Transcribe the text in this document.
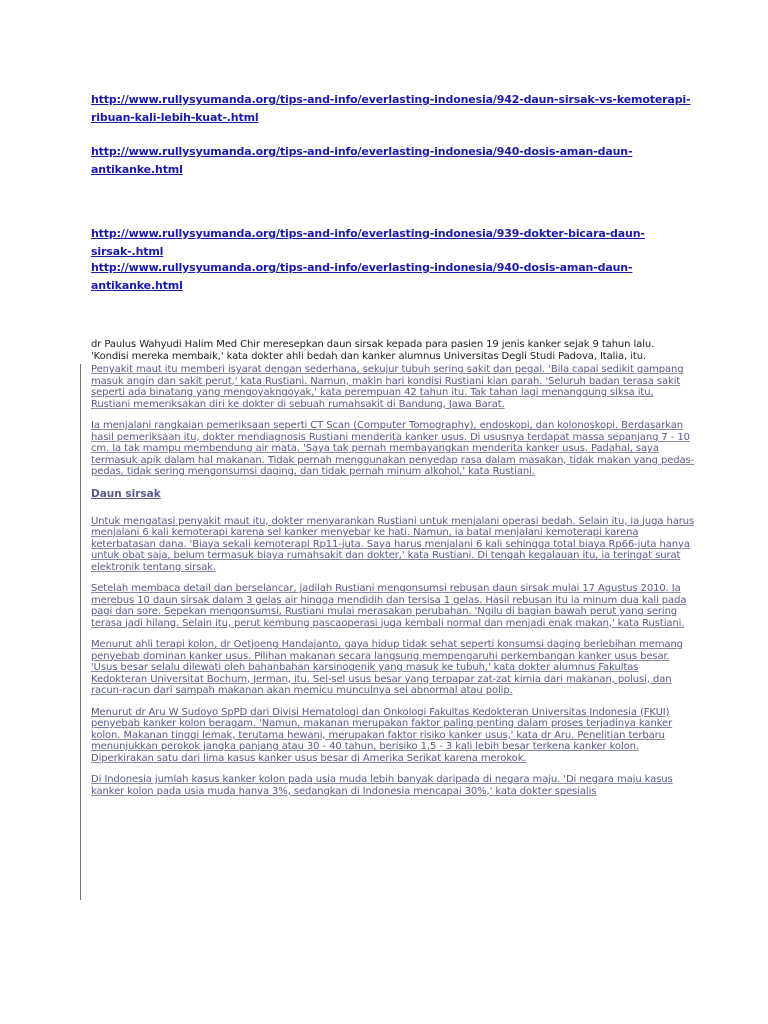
http://www.rullysyumanda.org/tips-and-info/everlasting-indonesia/942-daun-sirsak-vs-kemoterapi-
ribuan-kali-lebih-kuat-.html
http://www.rullysyumanda.org/tips-and-info/everlasting-indonesia/940-dosis-aman-daun-
antikanke.html
http://www.rullysyumanda.org/tips-and-info/everlasting-indonesia/939-dokter-bicara-daun-sirsak-.html
http://www.rullysyumanda.org/tips-and-info/everlasting-indonesia/940-dosis-aman-daun-
antikanke.html
dr Paulus Wahyudi Halim Med Chir meresepkan daun sirsak kepada para pasien 19 jenis kanker sejak 9 tahun lalu. 'Kondisi mereka membaik,' kata dokter ahli bedah dan kanker alumnus Universitas Degli Studi Padova, Italia, itu.

Penyakit maut itu memberi isyarat dengan sederhana, sekujur tubuh sering sakit dan pegal. 'Bila capai sedikit gampang masuk angin dan sakit perut,' kata Rustiani. Namun, makin hari kondisi Rustiani kian parah. 'Seluruh badan terasa sakit seperti ada binatang yang mengoyakngoyak,' kata perempuan 42 tahun itu. Tak tahan lagi menanggung siksa itu, Rustiani memeriksakan diri ke dokter di sebuah rumahsakit di Bandung, Jawa Barat.

Ia menjalani rangkaian pemeriksaan seperti CT Scan (Computer Tomography), endoskopi, dan kolonoskopi. Berdasarkan hasil pemeriksaan itu, dokter mendiagnosis Rustiani menderita kanker usus. Di ususnya terdapat massa sepanjang 7 - 10 cm. Ia tak mampu membendung air mata. 'Saya tak pernah membayangkan menderita kanker usus. Padahal, saya termasuk apik dalam hal makanan. Tidak pernah menggunakan penyedap rasa dalam masakan, tidak makan yang pedas-pedas, tidak sering mengonsumsi daging, dan tidak pernah minum alkohol,' kata Rustiani.

Daun sirsak

Untuk mengatasi penyakit maut itu, dokter menyarankan Rustiani untuk menjalani operasi bedah. Selain itu, ia juga harus menjalani 6 kali kemoterapi karena sel kanker menyebar ke hati. Namun, ia batal menjalani kemoterapi karena keterbatasan dana. 'Biaya sekali kemoterapi Rp11-juta. Saya harus menjalani 6 kali sehingga total biaya Rp66-juta hanya untuk obat saja, belum termasuk biaya rumahsakit dan dokter,' kata Rustiani. Di tengah kegalauan itu, ia teringat surat elektronik tentang sirsak.

Setelah membaca detail dan berselancar, jadilah Rustiani mengonsumsi rebusan daun sirsak mulai 17 Agustus 2010. Ia merebus 10 daun sirsak dalam 3 gelas air hingga mendidih dan tersisa 1 gelas. Hasil rebusan itu ia minum dua kali pada pagi dan sore. Sepekan mengonsumsi, Rustiani mulai merasakan perubahan. 'Ngilu di bagian bawah perut yang sering terasa jadi hilang. Selain itu, perut kembung pascaoperasi juga kembali normal dan menjadi enak makan,' kata Rustiani.

Menurut ahli terapi kolon, dr Oetjoeng Handajanto, gaya hidup tidak sehat seperti konsumsi daging berlebihan memang penyebab dominan kanker usus. Pilihan makanan secara langsung mempengaruhi perkembangan kanker usus besar. 'Usus besar selalu dilewati oleh bahanbahan karsinogenik yang masuk ke tubuh,' kata dokter alumnus Fakultas Kedokteran Universitat Bochum, Jerman, itu. Sel-sel usus besar yang terpapar zat-zat kimia dari makanan, polusi, dan racun-racun dari sampah makanan akan memicu munculnya sel abnormal atau polip.

Menurut dr Aru W Sudoyo SpPD dari Divisi Hematologi dan Onkologi Fakultas Kedokteran Universitas Indonesia (FKUI) penyebab kanker kolon beragam. 'Namun, makanan merupakan faktor paling penting dalam proses terjadinya kanker kolon. Makanan tinggi lemak, terutama hewani, merupakan faktor risiko kanker usus,' kata dr Aru. Penelitian terbaru menunjukkan perokok jangka panjang atau 30 - 40 tahun, berisiko 1,5 - 3 kali lebih besar terkena kanker kolon. Diperkirakan satu dari lima kasus kanker usus besar di Amerika Serikat karena merokok.

Di Indonesia jumlah kasus kanker kolon pada usia muda lebih banyak daripada di negara maju. 'Di negara maju kasus kanker kolon pada usia muda hanya 3%, sedangkan di Indonesia mencapai 30%,' kata dokter spesialis
